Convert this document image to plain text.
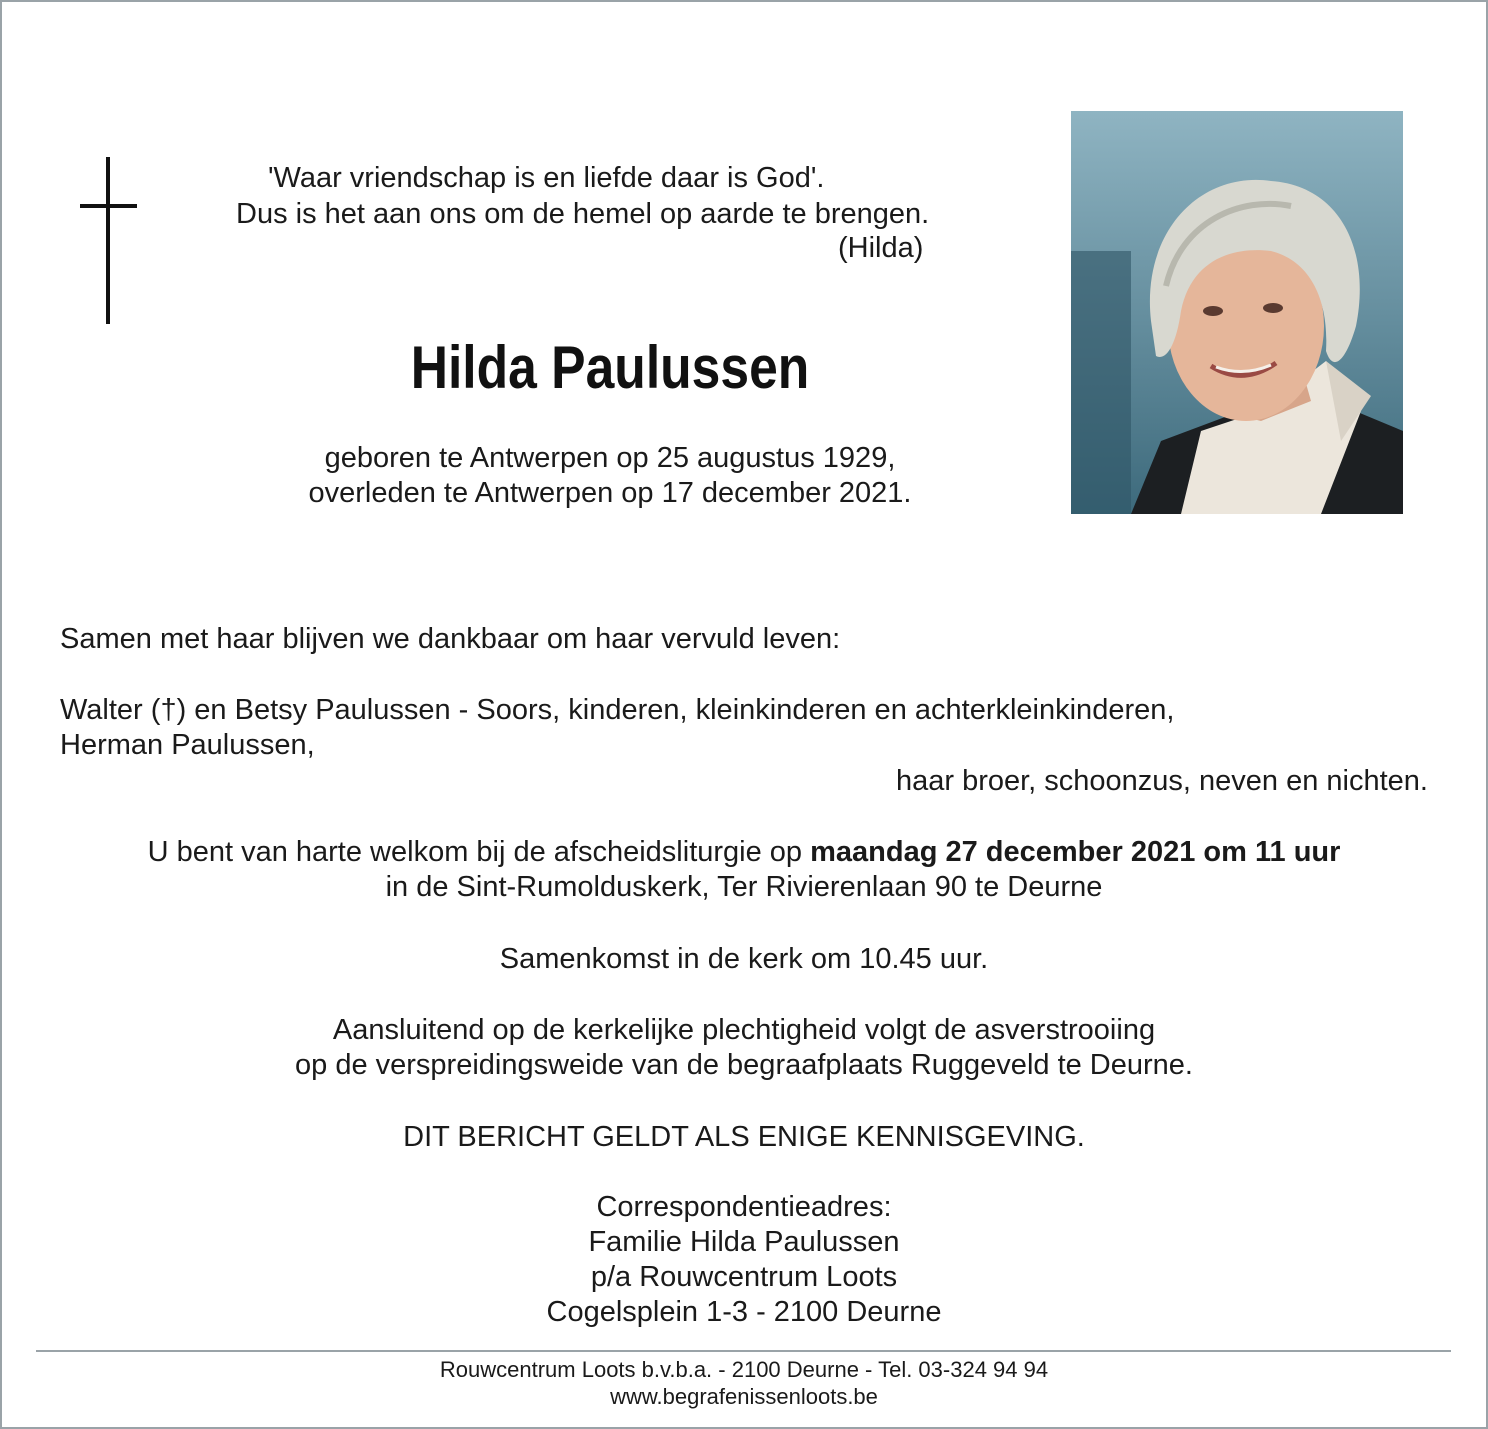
'Waar vriendschap is en liefde daar is God'.
Dus is het aan ons om de hemel op aarde te brengen.
(Hilda)
Hilda Paulussen
geboren te Antwerpen op 25 augustus 1929,
overleden te Antwerpen op 17 december 2021.
Samen met haar blijven we dankbaar om haar vervuld leven:
Walter (†) en Betsy Paulussen - Soors, kinderen, kleinkinderen en achterkleinkinderen,
Herman Paulussen,
haar broer, schoonzus, neven en nichten.
U bent van harte welkom bij de afscheidsliturgie op maandag 27 december 2021 om 11 uur
in de Sint-Rumolduskerk, Ter Rivierenlaan 90 te Deurne
Samenkomst in de kerk om 10.45 uur.
Aansluitend op de kerkelijke plechtigheid volgt de asverstrooiing
op de verspreidingsweide van de begraafplaats Ruggeveld te Deurne.
DIT BERICHT GELDT ALS ENIGE KENNISGEVING.
Correspondentieadres:
Familie Hilda Paulussen
p/a Rouwcentrum Loots
Cogelsplein 1-3 - 2100 Deurne
Rouwcentrum Loots b.v.b.a. - 2100 Deurne - Tel. 03-324 94 94
www.begrafenissenloots.be
